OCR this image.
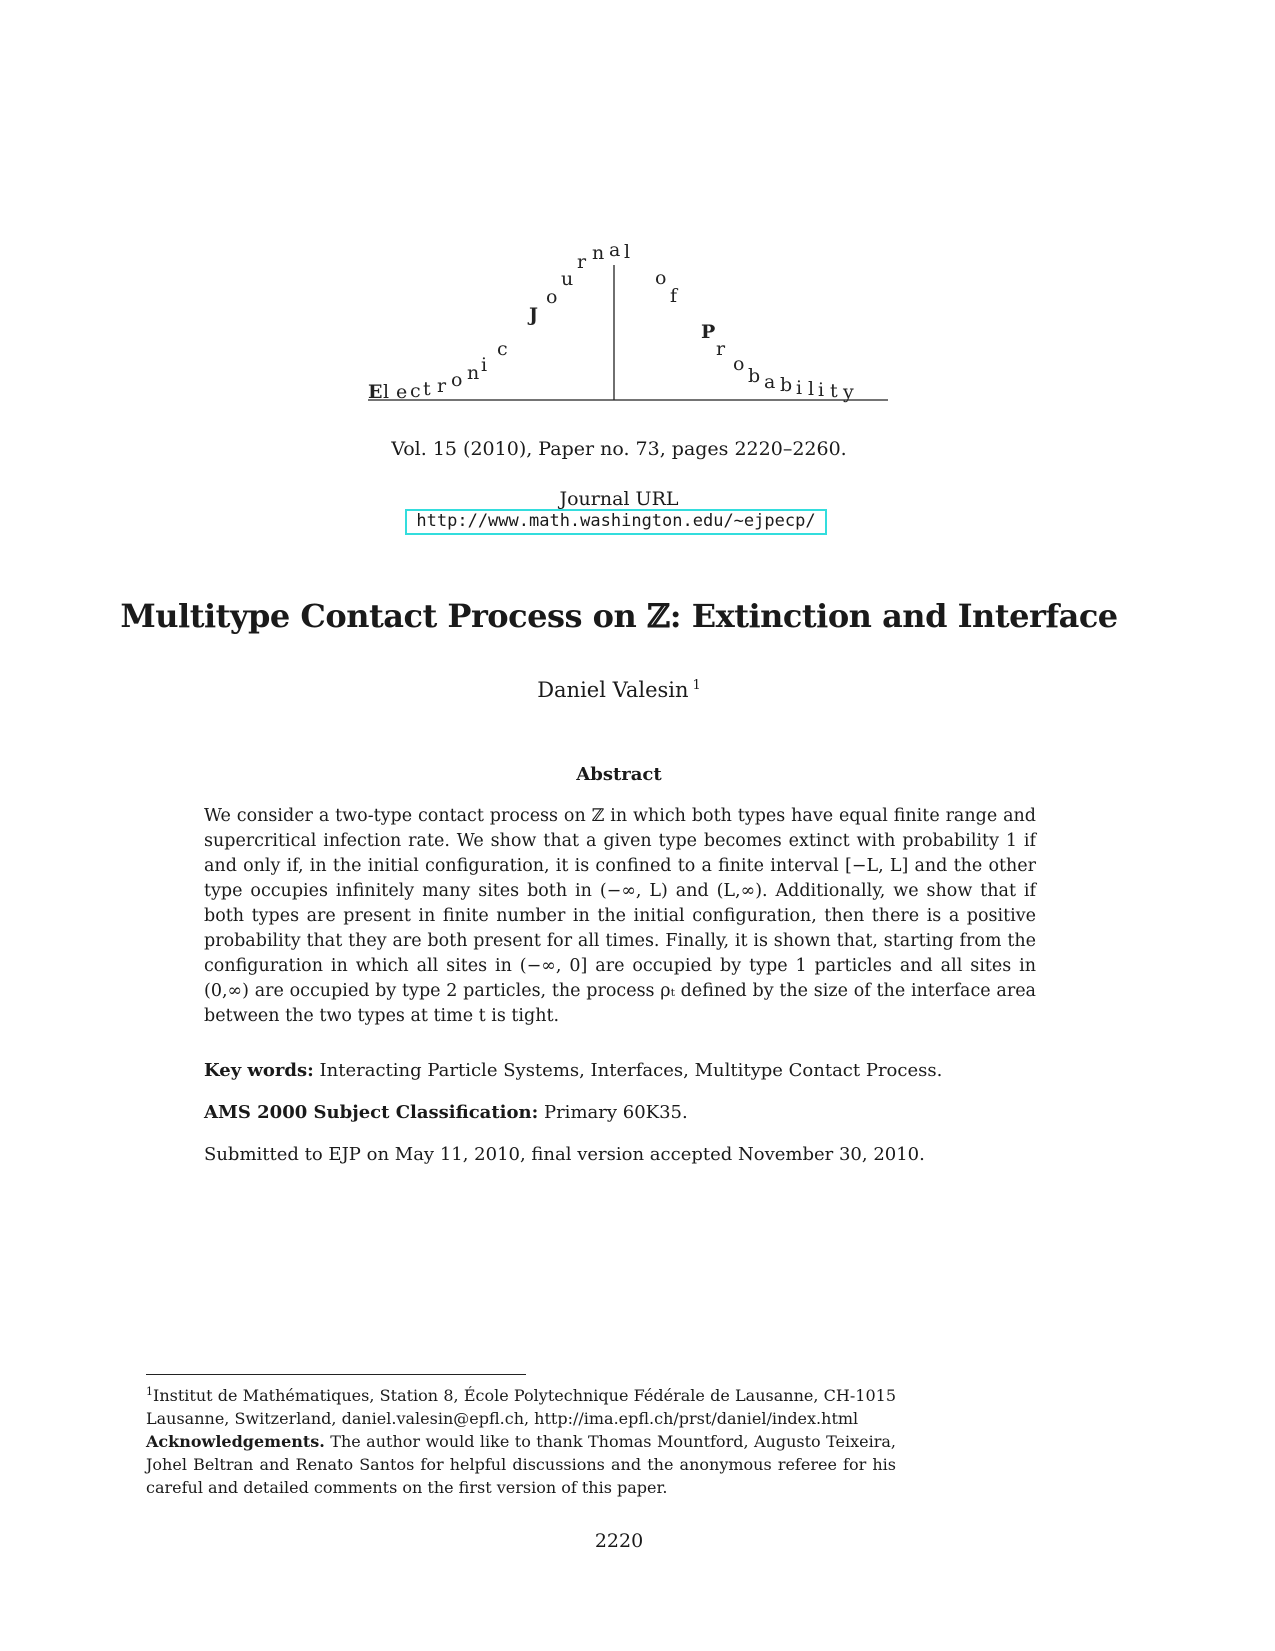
E l e c t r o n i
c
J
o
u
r n a l
o
f
P
r
o
b a b i l i t y
Vol. 15 (2010), Paper no. 73, pages 2220–2260.
Journal URL
http://www.math.washington.edu/~ejpecp/
Multitype Contact Process on ℤ: Extinction and Interface
Daniel Valesin $^1$
Abstract
We consider a two-type contact process on ℤ in which both types have equal finite range and supercritical infection rate. We show that a given type becomes extinct with probability 1 if and only if, in the initial configuration, it is confined to a finite interval [−L, L] and the other type occupies infinitely many sites both in (−∞, L) and (L,∞). Additionally, we show that if both types are present in finite number in the initial configuration, then there is a positive probability that they are both present for all times. Finally, it is shown that, starting from the configuration in which all sites in (−∞, 0] are occupied by type 1 particles and all sites in (0,∞) are occupied by type 2 particles, the process ρₜ defined by the size of the interface area between the two types at time t is tight.
Key words: Interacting Particle Systems, Interfaces, Multitype Contact Process.
AMS 2000 Subject Classification: Primary 60K35.
Submitted to EJP on May 11, 2010, final version accepted November 30, 2010.
$^1$Institut de Mathématiques, Station 8, École Polytechnique Fédérale de Lausanne, CH-1015 Lausanne, Switzerland, daniel.valesin@epfl.ch, http://ima.epfl.ch/prst/daniel/index.html
Acknowledgements. The author would like to thank Thomas Mountford, Augusto Teixeira, Johel Beltran and Renato Santos for helpful discussions and the anonymous referee for his careful and detailed comments on the first version of this paper.
2220
